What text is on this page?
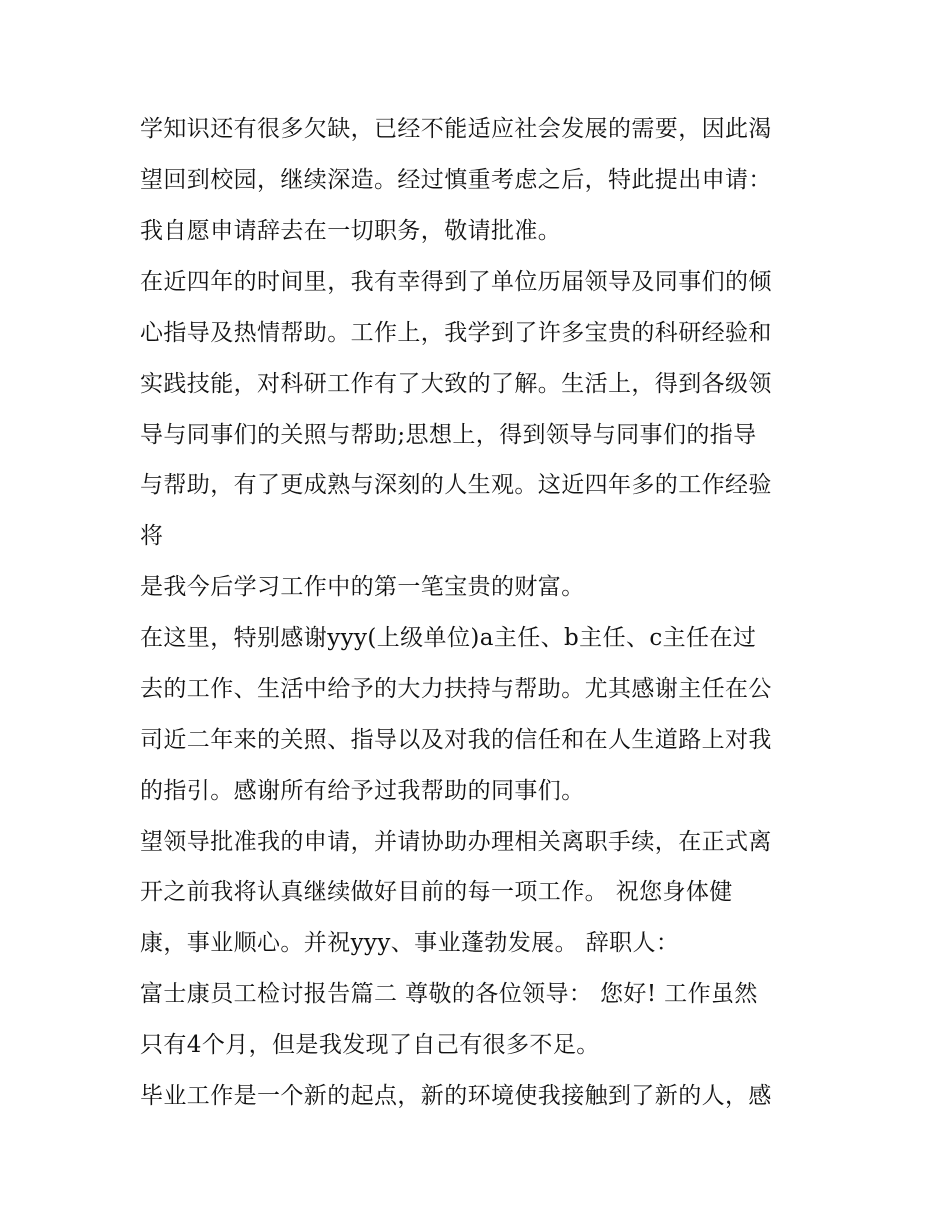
学知识还有很多欠缺，已经不能适应社会发展的需要，因此渴

望回到校园，继续深造。经过慎重考虑之后，特此提出申请：

我自愿申请辞去在一切职务，敬请批准。

在近四年的时间里，我有幸得到了单位历届领导及同事们的倾

心指导及热情帮助。工作上，我学到了许多宝贵的科研经验和

实践技能，对科研工作有了大致的了解。生活上，得到各级领

导与同事们的关照与帮助;思想上，得到领导与同事们的指导

与帮助，有了更成熟与深刻的人生观。这近四年多的工作经验

将

是我今后学习工作中的第一笔宝贵的财富。

在这里，特别感谢yyy(上级单位)a主任、b主任、c主任在过

去的工作、生活中给予的大力扶持与帮助。尤其感谢主任在公

司近二年来的关照、指导以及对我的信任和在人生道路上对我

的指引。感谢所有给予过我帮助的同事们。

望领导批准我的申请，并请协助办理相关离职手续，在正式离

开之前我将认真继续做好目前的每一项工作。 祝您身体健

康，事业顺心。并祝yyy、事业蓬勃发展。 辞职人：

富士康员工检讨报告篇二 尊敬的各位领导： 您好! 工作虽然

只有4个月，但是我发现了自己有很多不足。

毕业工作是一个新的起点，新的环境使我接触到了新的人，感
